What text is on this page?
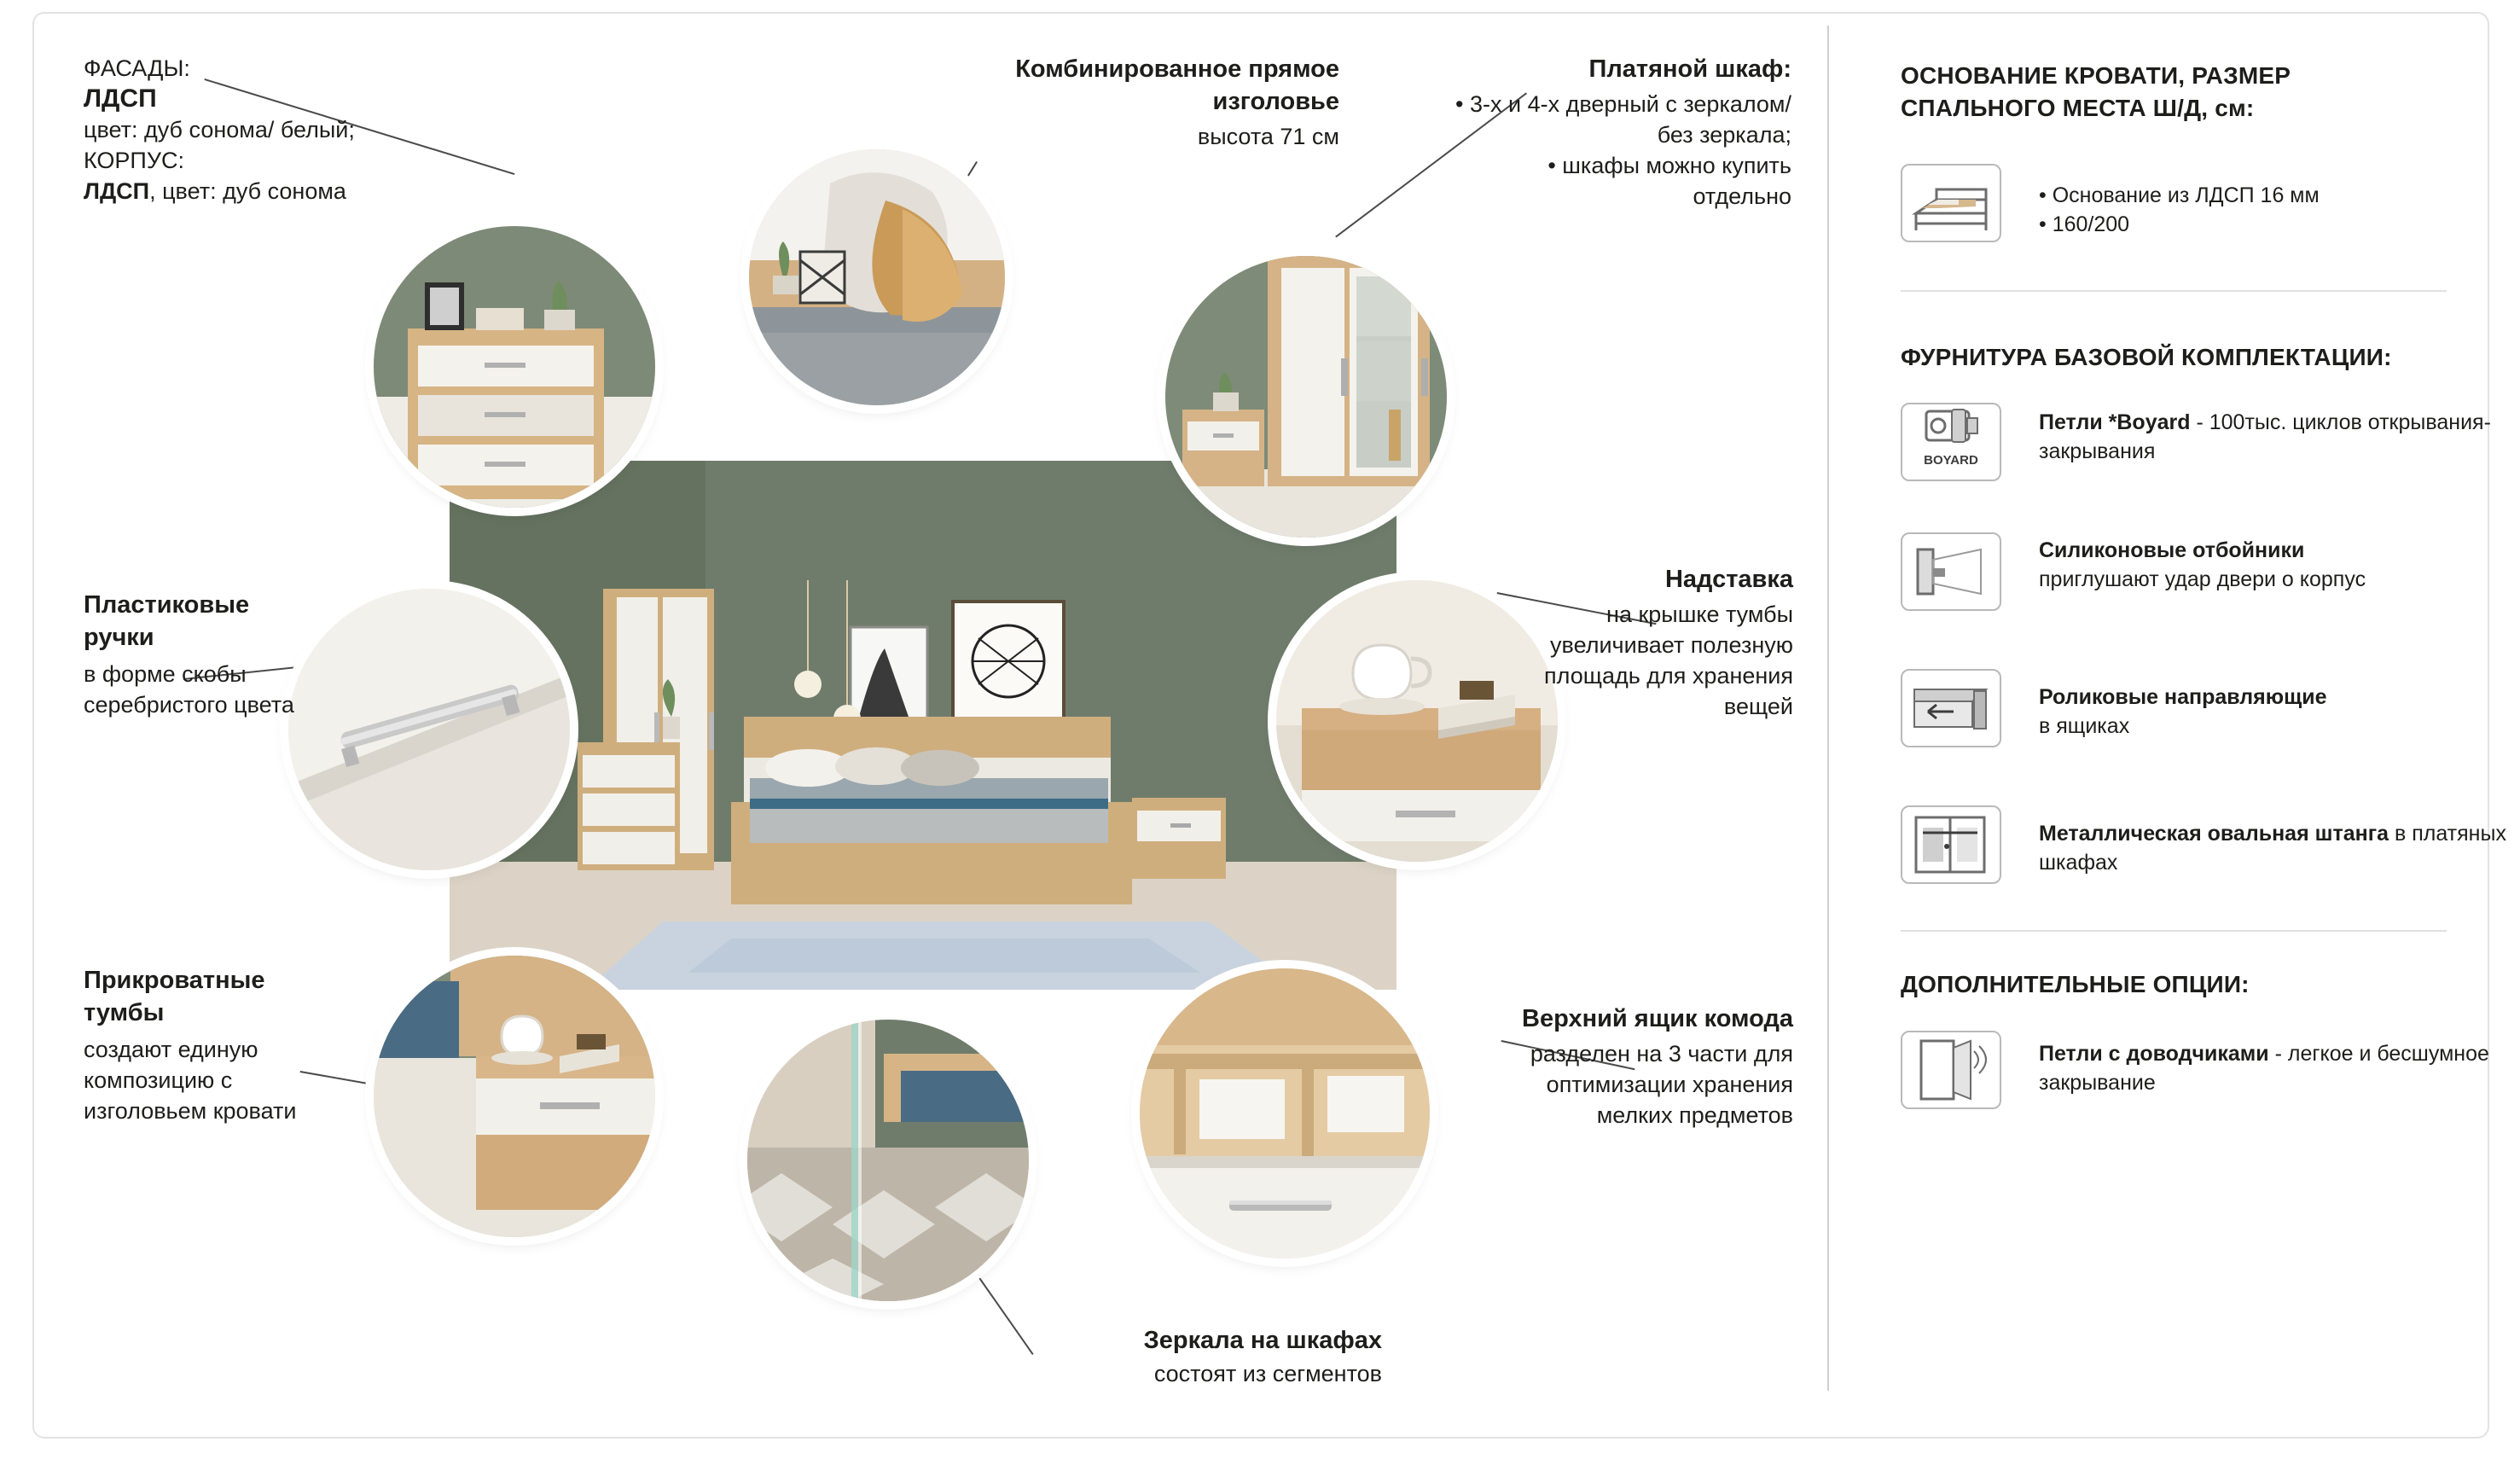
ФАСАДЫ:
ЛДСП
цвет: дуб сонома/ белый;
КОРПУС:
ЛДСП, цвет: дуб сонома
Пластиковые ручки
в форме скобы серебристого цвета
Прикроватные тумбы
создают единую композицию с изголовьем кровати
Комбинированное прямое изголовье
высота 71 см
Платяной шкаф:
• 3-х и 4-х дверный с зеркалом/без зеркала;
• шкафы можно купить отдельно
Надставка
на крышке тумбы увеличивает полезную площадь для хранения вещей
Верхний ящик комода
разделен на 3 части для оптимизации хранения мелких предметов
Зеркала на шкафах
состоят из сегментов
ОСНОВАНИЕ КРОВАТИ, РАЗМЕР СПАЛЬНОГО МЕСТА Ш/Д, см:
• Основание из ЛДСП 16 мм
• 160/200
ФУРНИТУРА БАЗОВОЙ КОМПЛЕКТАЦИИ:
BOYARD
Петли *Boyard - 100тыс. циклов открывания-закрывания
Силиконовые отбойники
приглушают удар двери о корпус
Роликовые направляющие
в ящиках
Металлическая овальная штанга в платяных шкафах
ДОПОЛНИТЕЛЬНЫЕ ОПЦИИ:
Петли с доводчиками - легкое и бесшумное закрывание
